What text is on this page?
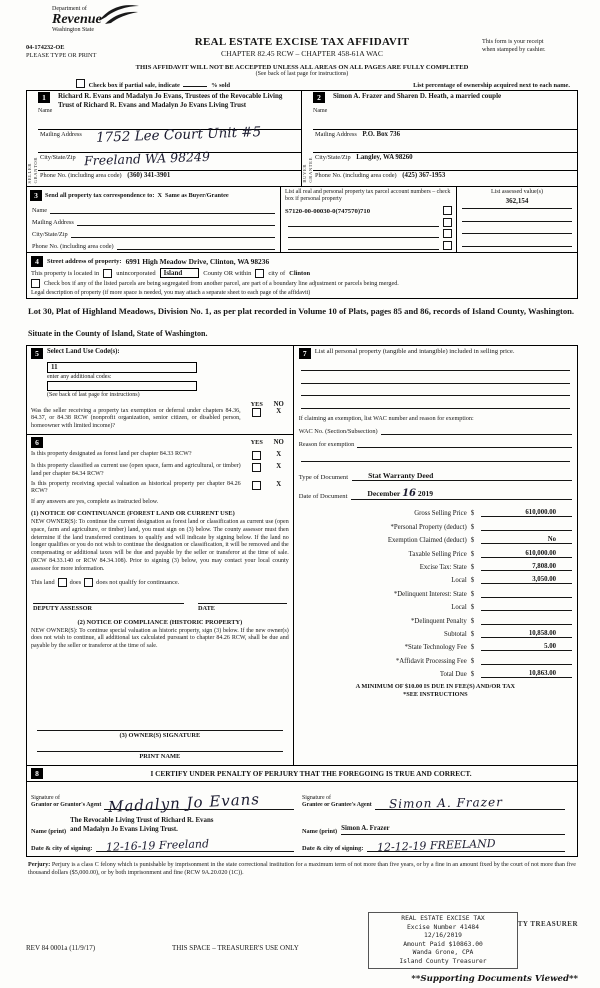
Department of
Revenue
Washington State
04-174232-OE
PLEASE TYPE OR PRINT
REAL ESTATE EXCISE TAX AFFIDAVIT
CHAPTER 82.45 RCW – CHAPTER 458-61A WAC
This form is your receipt
when stamped by cashier.
THIS AFFIDAVIT WILL NOT BE ACCEPTED UNLESS ALL AREAS ON ALL PAGES ARE FULLY COMPLETED
(See back of last page for instructions)
Check box if partial sale, indicate	% sold	List percentage of ownership acquired next to each name.
SELLER GRANTOR
1
Name
Richard R. Evans and Madalyn Jo Evans, Trustees of the Revocable Living Trust of Richard R. Evans and Madalyn Jo Evans Living Trust
Mailing Address 1752 Lee Court Unit #5
City/State/Zip Freeland WA 98249
Phone No. (including area code) (360) 341-3901	BUYER GRANTEE
2
Name
Simon A. Frazer and Sharen D. Heath, a married couple
Mailing Address P.O. Box 736
City/State/Zip Langley, WA 98260
Phone No. (including area code) (425) 367-1953
3	Send all property tax correspondence to: X Same as Buyer/Grantee
Name
Mailing Address
City/State/Zip
Phone No. (including area code)
List all real and personal property tax parcel account numbers – check box if personal property
S7120-00-00030-0(747570)710
List assessed value(s)
362,154
4	Street address of property: 6991 High Meadow Drive, Clinton, WA 98236
This property is located in	unincorporated	Island	County OR within	city of Clinton
Check box if any of the listed parcels are being segregated from another parcel, are part of a boundary line adjustment or parcels being merged.
Legal description of property (if more space is needed, you may attach a separate sheet to each page of the affidavit)
Lot 30, Plat of Highland Meadows, Division No. 1, as per plat recorded in Volume 10 of Plats, pages 85 and 86, records of Island County, Washington.
Situate in the County of Island, State of Washington.
5	Select Land Use Code(s):
11
enter any additional codes:
(See back of last page for instructions)
YES	NO
Was the seller receiving a property tax exemption or deferral under chapters 84.36, 84.37, or 84.38 RCW (nonprofit organization, senior citizen, or disabled person, homeowner with limited income)?
X
6	YES	NO
Is this property designated as forest land per chapter 84.33 RCW?	X
Is this property classified as current use (open space, farm and agricultural, or timber) land per chapter 84.34 RCW?
X
Is this property receiving special valuation as historical property per chapter 84.26 RCW?
X
If any answers are yes, complete as instructed below.
(1) NOTICE OF CONTINUANCE (FOREST LAND OR CURRENT USE)
NEW OWNER(S): To continue the current designation as forest land or classification as current use (open space, farm and agriculture, or timber) land, you must sign on (3) below. The county assessor must then determine if the land transferred continues to qualify and will indicate by signing below. If the land no longer qualifies or you do not wish to continue the designation or classification, it will be removed and the compensating or additional taxes will be due and payable by the seller or transferor at the time of sale. (RCW 84.33.140 or RCW 84.34.108). Prior to signing (3) below, you may contact your local county assessor for more information.
This land does does not qualify for continuance.
DEPUTY ASSESSOR	DATE
(2) NOTICE OF COMPLIANCE (HISTORIC PROPERTY)
NEW OWNER(S): To continue special valuation as historic property, sign (3) below. If the new owner(s) does not wish to continue, all additional tax calculated pursuant to chapter 84.26 RCW, shall be due and payable by the seller or transferor at the time of sale.
(3) OWNER(S) SIGNATURE
PRINT NAME
7	List all personal property (tangible and intangible) included in selling price.
If claiming an exemption, list WAC number and reason for exemption:
WAC No. (Section/Subsection)
Reason for exemption
Type of Document	Stat Warranty Deed
Date of Document	December 16 2019
Gross Selling Price $	610,000.00
*Personal Property (deduct) $
Exemption Claimed (deduct) $	No
Taxable Selling Price $	610,000.00
Excise Tax: State $	7,808.00
Local $	3,050.00
*Delinquent Interest: State $
Local $
*Delinquent Penalty $
Subtotal $	10,858.00
*State Technology Fee $	5.00
*Affidavit Processing Fee $
Total Due $	10,863.00
A MINIMUM OF $10.00 IS DUE IN FEE(S) AND/OR TAX
*SEE INSTRUCTIONS
8	I CERTIFY UNDER PENALTY OF PERJURY THAT THE FOREGOING IS TRUE AND CORRECT.
Signature of
Grantor or Grantor's Agent Madalyn Jo Evans	Signature of
Grantee or Grantee's Agent Simon A. Frazer
Name (print)
The Revocable Living Trust of Richard R. Evans
and Madalyn Jo Evans Living Trust.	Name (print) Simon A. Frazer
Date & city of signing: 12-16-19 Freeland	Date & city of signing: 12-12-19 FREELAND
Perjury: Perjury is a class C felony which is punishable by imprisonment in the state correctional institution for a maximum term of not more than five years, or by a fine in an amount fixed by the court of not more than five thousand dollars ($5,000.00), or by both imprisonment and fine (RCW 9A.20.020 (1C)).
REAL ESTATE EXCISE TAX
Excise Number 41484
12/16/2019
Amount Paid $10863.00
Wanda Grone, CPA
Island County Treasurer
TY TREASURER
REV 84 0001a (11/9/17)	THIS SPACE – TREASURER'S USE ONLY
**Supporting Documents Viewed**
